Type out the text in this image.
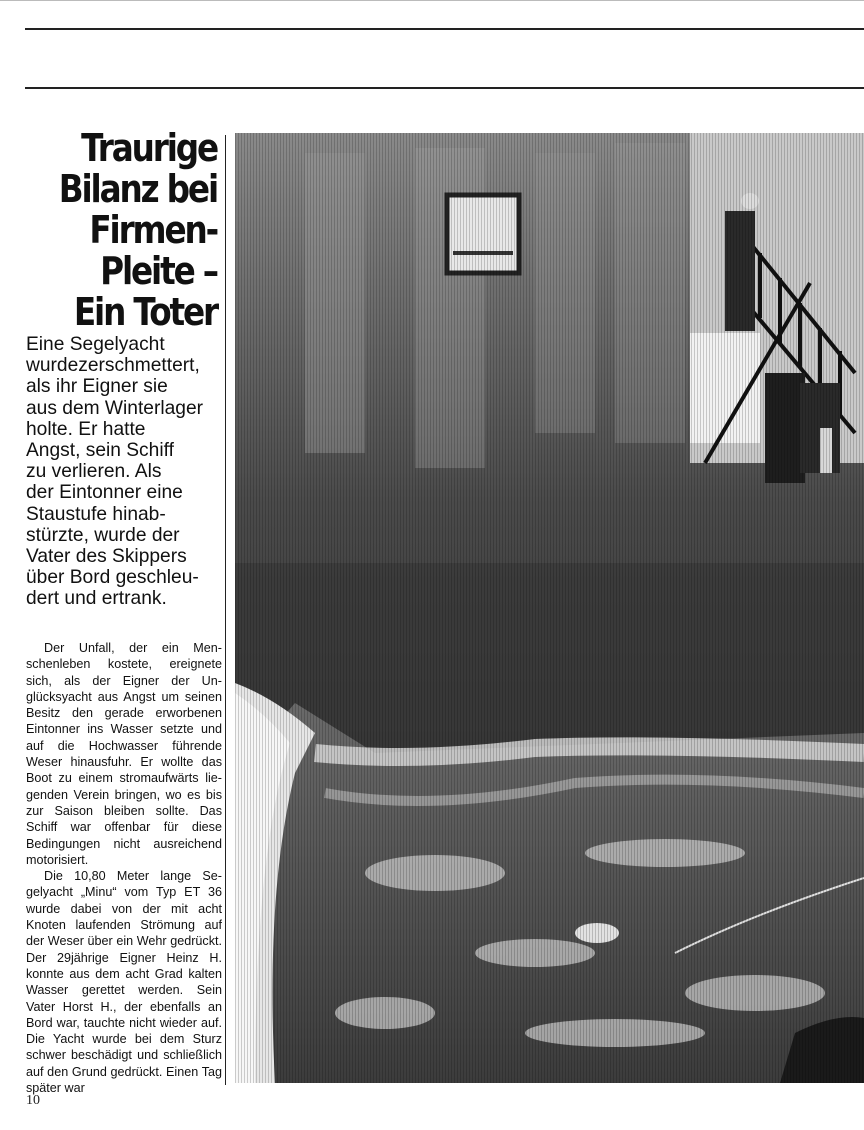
Traurige
Bilanz bei
Firmen-
Pleite –
Ein Toter
Eine Segelyacht
wurdezerschmettert,
als ihr Eigner sie
aus dem Winterlager
holte. Er hatte
Angst, sein Schiff
zu verlieren. Als
der Eintonner eine
Staustufe hinab-
stürzte, wurde der
Vater des Skippers
über Bord geschleu-
dert und ertrank.

Der Unfall, der ein Menschenleben kostete, ereignete sich, als der Eigner der Unglücksyacht aus Angst um seinen Besitz den gerade erworbenen Eintonner ins Wasser setzte und auf die Hochwasser führende Weser hinausfuhr. Er wollte das Boot zu einem stromaufwärts liegenden Verein bringen, wo es bis zur Saison bleiben sollte. Das Schiff war offenbar für diese Bedingungen nicht ausreichend motorisiert.

Die 10,80 Meter lange Segelyacht „Minu“ vom Typ ET 36 wurde dabei von der mit acht Knoten laufenden Strömung auf der Weser über ein Wehr gedrückt. Der 29jährige Eigner Heinz H. konnte aus dem acht Grad kalten Wasser gerettet werden. Sein Vater Horst H., der ebenfalls an Bord war, tauchte nicht wieder auf. Die Yacht wurde bei dem Sturz schwer beschädigt und schließlich auf den Grund gedrückt. Einen Tag später war

10
